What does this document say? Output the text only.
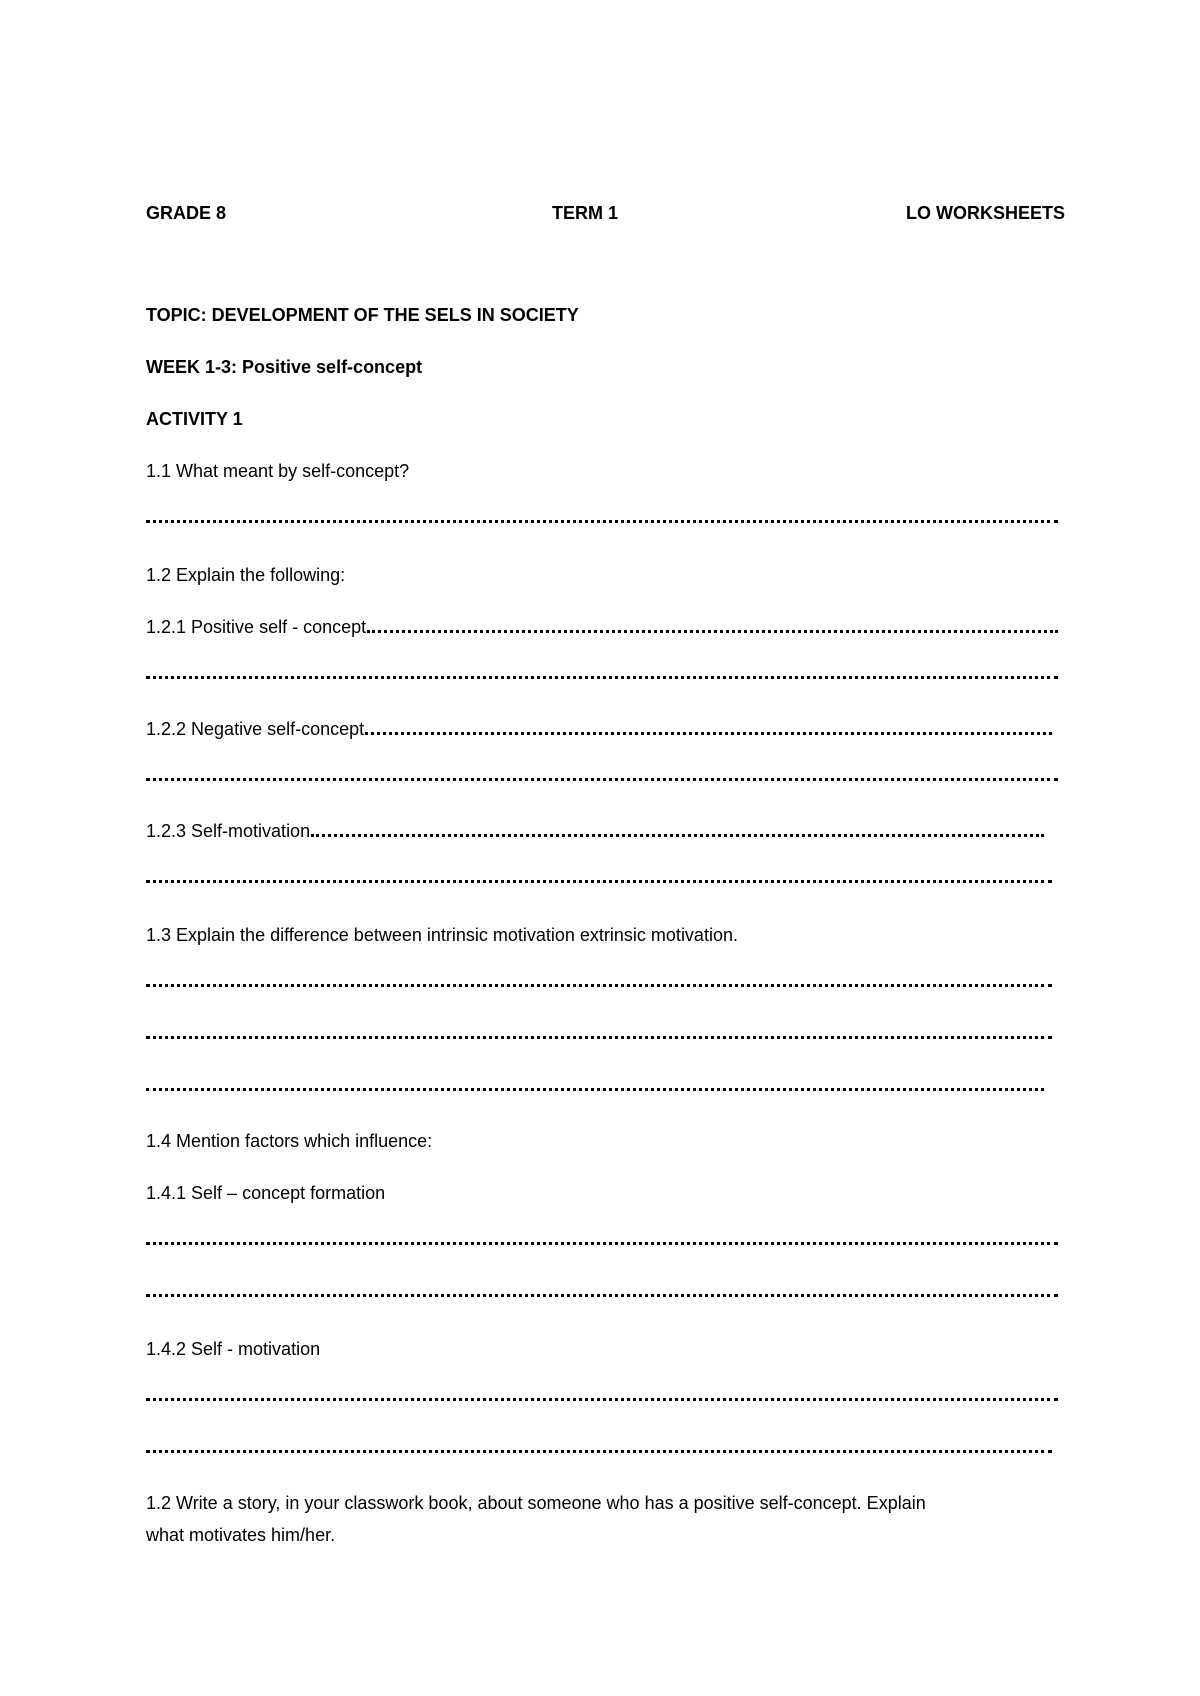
GRADE 8	TERM 1	LO WORKSHEETS
TOPIC: DEVELOPMENT OF THE SELS IN SOCIETY
WEEK 1-3: Positive self-concept
ACTIVITY 1
1.1 What meant by self-concept?
1.2 Explain the following:
1.2.1 Positive self - concept
1.2.2 Negative self-concept
1.2.3 Self-motivation
1.3 Explain the difference between intrinsic motivation extrinsic motivation.
1.4 Mention factors which influence:
1.4.1 Self – concept formation
1.4.2 Self - motivation
1.2 Write a story, in your classwork book, about someone who has a positive self-concept. Explain
what motivates him/her.
